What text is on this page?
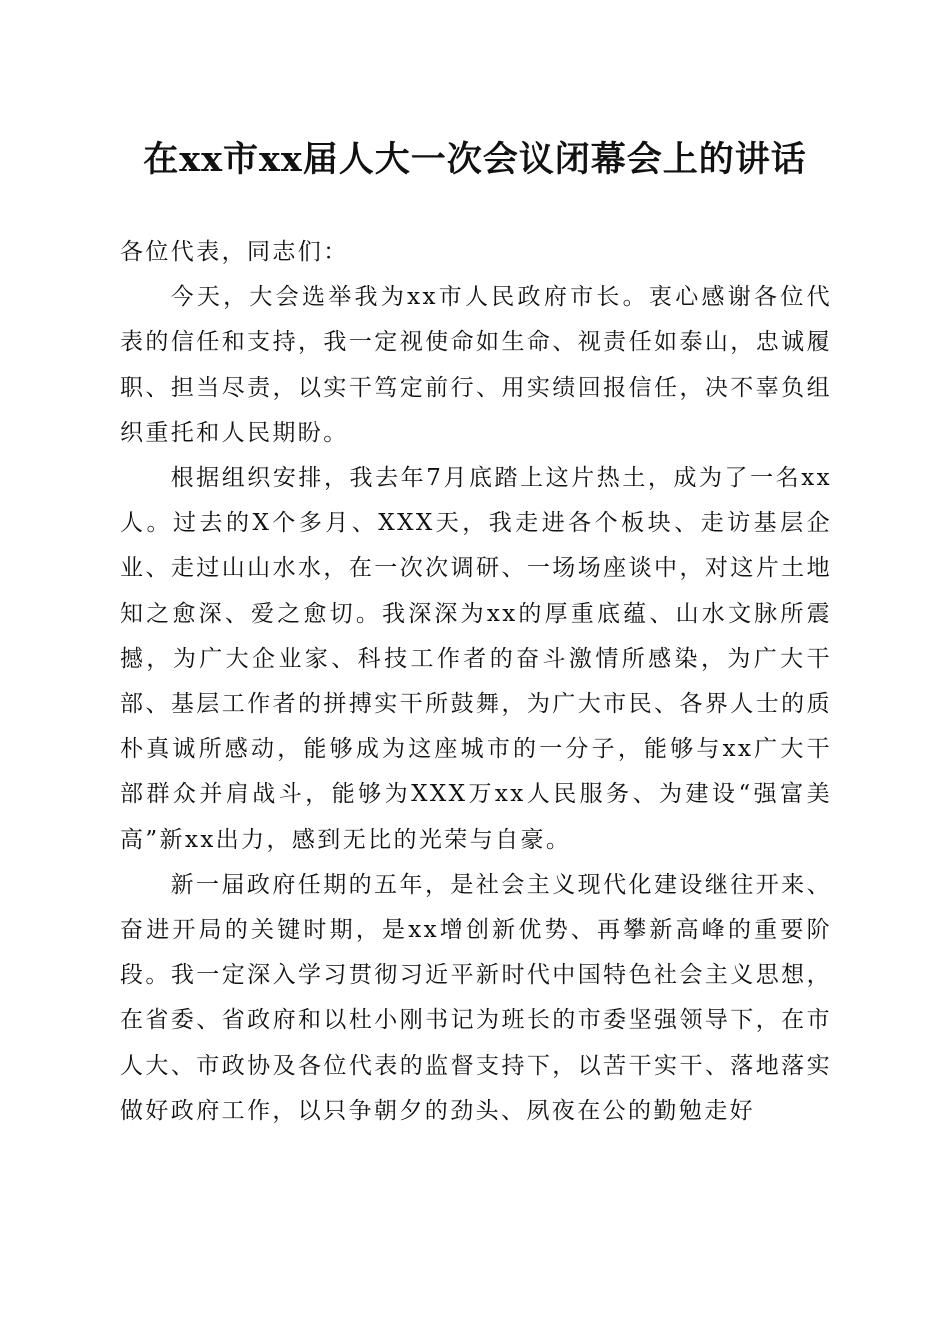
在xx市xx届人大一次会议闭幕会上的讲话

各位代表，同志们：

今天，大会选举我为xx市人民政府市长。衷心感谢各位代表的信任和支持，我一定视使命如生命、视责任如泰山，忠诚履职、担当尽责，以实干笃定前行、用实绩回报信任，决不辜负组织重托和人民期盼。

根据组织安排，我去年7月底踏上这片热土，成为了一名xx人。过去的X个多月、XXX天，我走进各个板块、走访基层企业、走过山山水水，在一次次调研、一场场座谈中，对这片土地知之愈深、爱之愈切。我深深为xx的厚重底蕴、山水文脉所震撼，为广大企业家、科技工作者的奋斗激情所感染，为广大干部、基层工作者的拼搏实干所鼓舞，为广大市民、各界人士的质朴真诚所感动，能够成为这座城市的一分子，能够与xx广大干部群众并肩战斗，能够为XXX万xx人民服务、为建设“强富美高”新xx出力，感到无比的光荣与自豪。

新一届政府任期的五年，是社会主义现代化建设继往开来、奋进开局的关键时期，是xx增创新优势、再攀新高峰的重要阶段。我一定深入学习贯彻习近平新时代中国特色社会主义思想，在省委、省政府和以杜小刚书记为班长的市委坚强领导下，在市人大、市政协及各位代表的监督支持下，以苦干实干、落地落实做好政府工作，以只争朝夕的劲头、夙夜在公的勤勉走好
